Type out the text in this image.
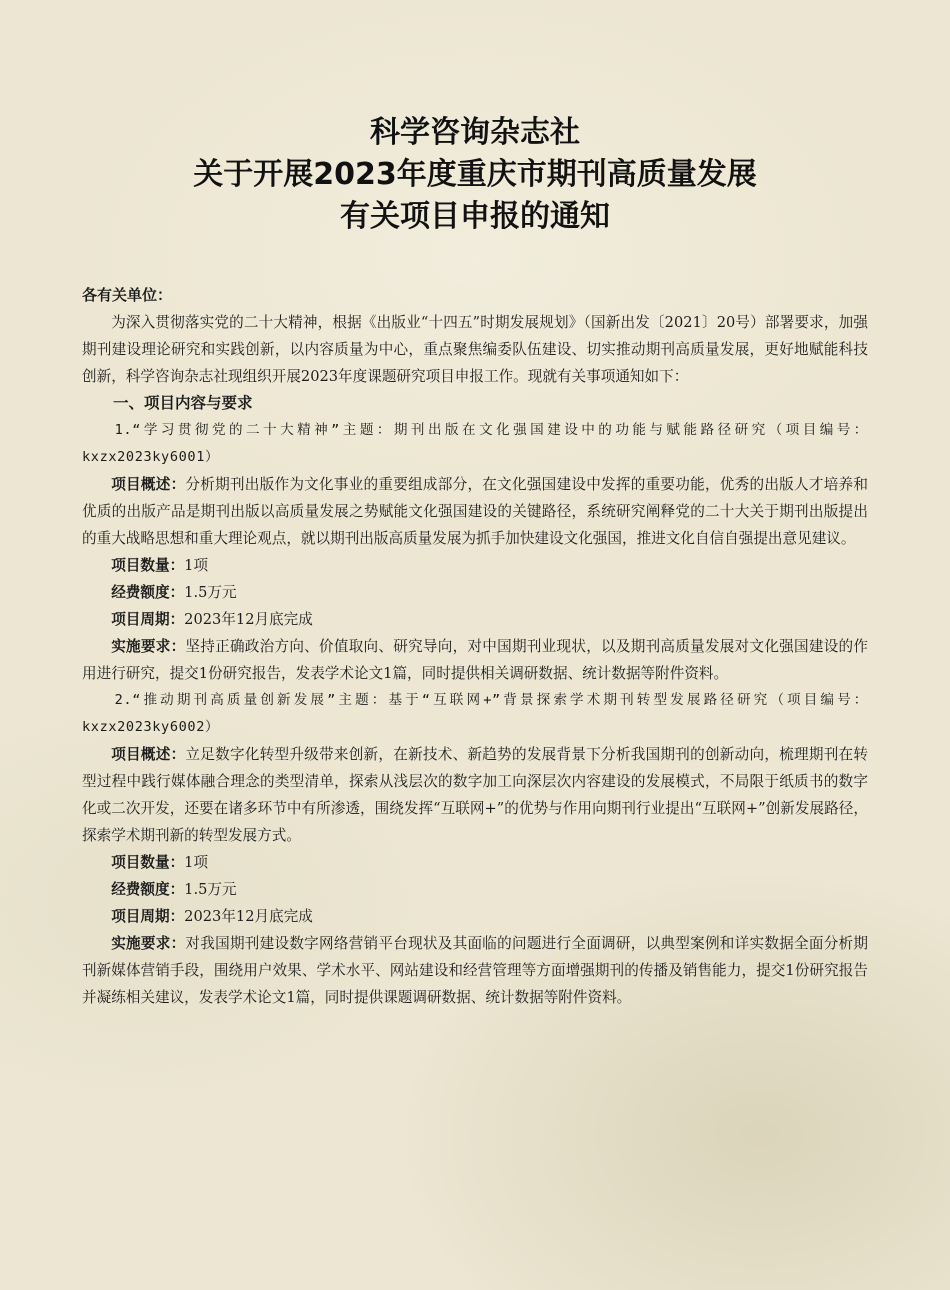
科学咨询杂志社
关于开展2023年度重庆市期刊高质量发展
有关项目申报的通知

各有关单位：

为深入贯彻落实党的二十大精神，根据《出版业“十四五”时期发展规划》（国新出发〔2021〕20号）部署要求，加强期刊建设理论研究和实践创新，以内容质量为中心，重点聚焦编委队伍建设、切实推动期刊高质量发展，更好地赋能科技创新，科学咨询杂志社现组织开展2023年度课题研究项目申报工作。现就有关事项通知如下：

一、项目内容与要求

1.“学习贯彻党的二十大精神”主题：期刊出版在文化强国建设中的功能与赋能路径研究（项目编号：kxzx2023ky6001）

项目概述：分析期刊出版作为文化事业的重要组成部分，在文化强国建设中发挥的重要功能，优秀的出版人才培养和优质的出版产品是期刊出版以高质量发展之势赋能文化强国建设的关键路径，系统研究阐释党的二十大关于期刊出版提出的重大战略思想和重大理论观点，就以期刊出版高质量发展为抓手加快建设文化强国，推进文化自信自强提出意见建议。

项目数量：1项

经费额度：1.5万元

项目周期：2023年12月底完成

实施要求：坚持正确政治方向、价值取向、研究导向，对中国期刊业现状，以及期刊高质量发展对文化强国建设的作用进行研究，提交1份研究报告，发表学术论文1篇，同时提供相关调研数据、统计数据等附件资料。

2.“推动期刊高质量创新发展”主题：基于“互联网+”背景探索学术期刊转型发展路径研究（项目编号：kxzx2023ky6002）

项目概述：立足数字化转型升级带来创新，在新技术、新趋势的发展背景下分析我国期刊的创新动向，梳理期刊在转型过程中践行媒体融合理念的类型清单，探索从浅层次的数字加工向深层次内容建设的发展模式，不局限于纸质书的数字化或二次开发，还要在诸多环节中有所渗透，围绕发挥“互联网+”的优势与作用向期刊行业提出“互联网+”创新发展路径，探索学术期刊新的转型发展方式。

项目数量：1项

经费额度：1.5万元

项目周期：2023年12月底完成

实施要求：对我国期刊建设数字网络营销平台现状及其面临的问题进行全面调研，以典型案例和详实数据全面分析期刊新媒体营销手段，围绕用户效果、学术水平、网站建设和经营管理等方面增强期刊的传播及销售能力，提交1份研究报告并凝练相关建议，发表学术论文1篇，同时提供课题调研数据、统计数据等附件资料。
